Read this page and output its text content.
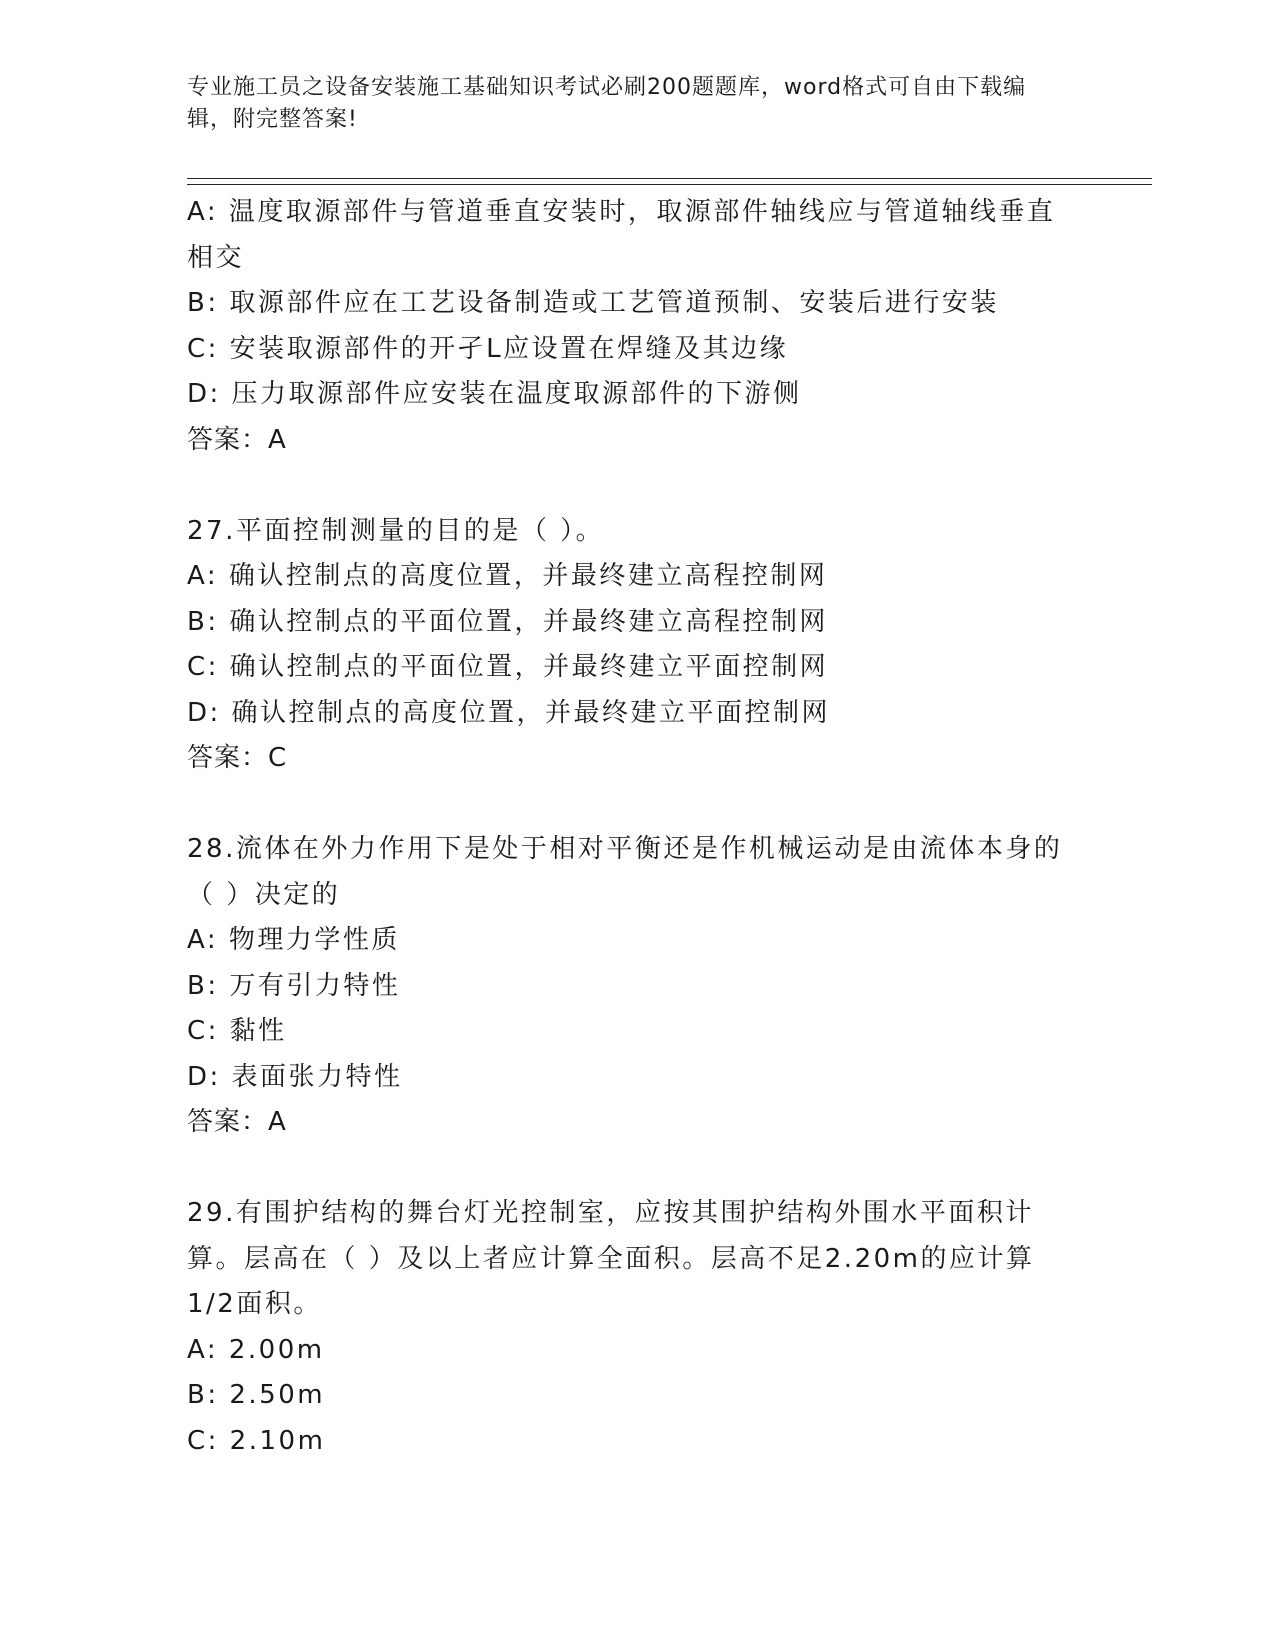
专业施工员之设备安装施工基础知识考试必刷200题题库，word格式可自由下载编辑，附完整答案!
A: 温度取源部件与管道垂直安装时，取源部件轴线应与管道轴线垂直相交
B: 取源部件应在工艺设备制造或工艺管道预制、安装后进行安装
C: 安装取源部件的开孑L应设置在焊缝及其边缘
D: 压力取源部件应安装在温度取源部件的下游侧
答案：A
27.平面控制测量的目的是（ ）。
A: 确认控制点的高度位置，并最终建立高程控制网
B: 确认控制点的平面位置，并最终建立高程控制网
C: 确认控制点的平面位置，并最终建立平面控制网
D: 确认控制点的高度位置，并最终建立平面控制网
答案：C
28.流体在外力作用下是处于相对平衡还是作机械运动是由流体本身的（ ）决定的
A: 物理力学性质
B: 万有引力特性
C: 黏性
D: 表面张力特性
答案：A
29.有围护结构的舞台灯光控制室，应按其围护结构外围水平面积计算。层高在（ ）及以上者应计算全面积。层高不足2.20m的应计算1/2面积。
A: 2.00m
B: 2.50m
C: 2.10m
